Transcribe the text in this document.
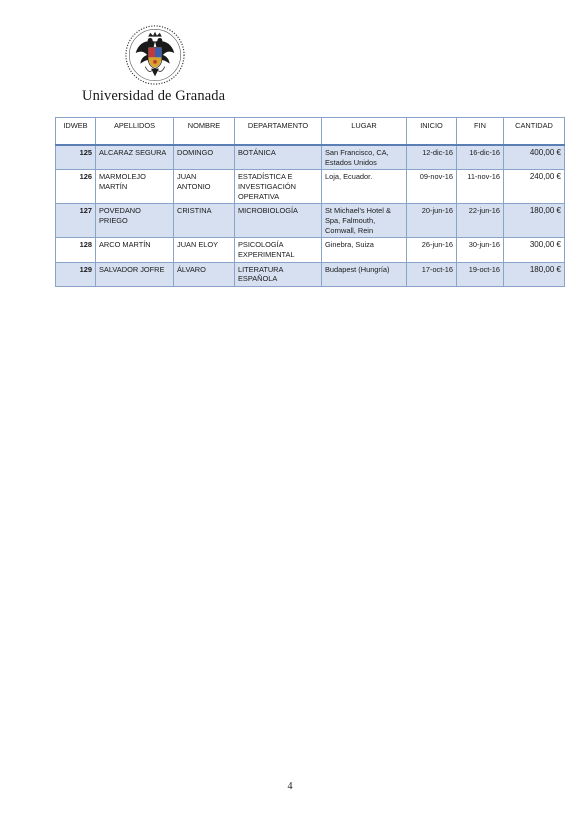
Universidad de Granada
IDWEB	APELLIDOS	NOMBRE	DEPARTAMENTO	LUGAR	INICIO	FIN	CANTIDAD
125	ALCARAZ SEGURA	DOMINGO	BOTÁNICA	San Francisco, CA, Estados Unidos	12-dic-16	16-dic-16	400,00 €
126	MARMOLEJO MARTÍN	JUAN ANTONIO	ESTADÍSTICA E INVESTIGACIÓN OPERATIVA	Loja, Ecuador.	09-nov-16	11-nov-16	240,00 €
127	POVEDANO PRIEGO	CRISTINA	MICROBIOLOGÍA	St Michael's Hotel & Spa, Falmouth, Cornwall, Rein	20-jun-16	22-jun-16	180,00 €
128	ARCO MARTÍN	JUAN ELOY	PSICOLOGÍA EXPERIMENTAL	Ginebra, Suiza	26-jun-16	30-jun-16	300,00 €
129	SALVADOR JOFRE	ÁLVARO	LITERATURA ESPAÑOLA	Budapest (Hungría)	17-oct-16	19-oct-16	180,00 €
4
